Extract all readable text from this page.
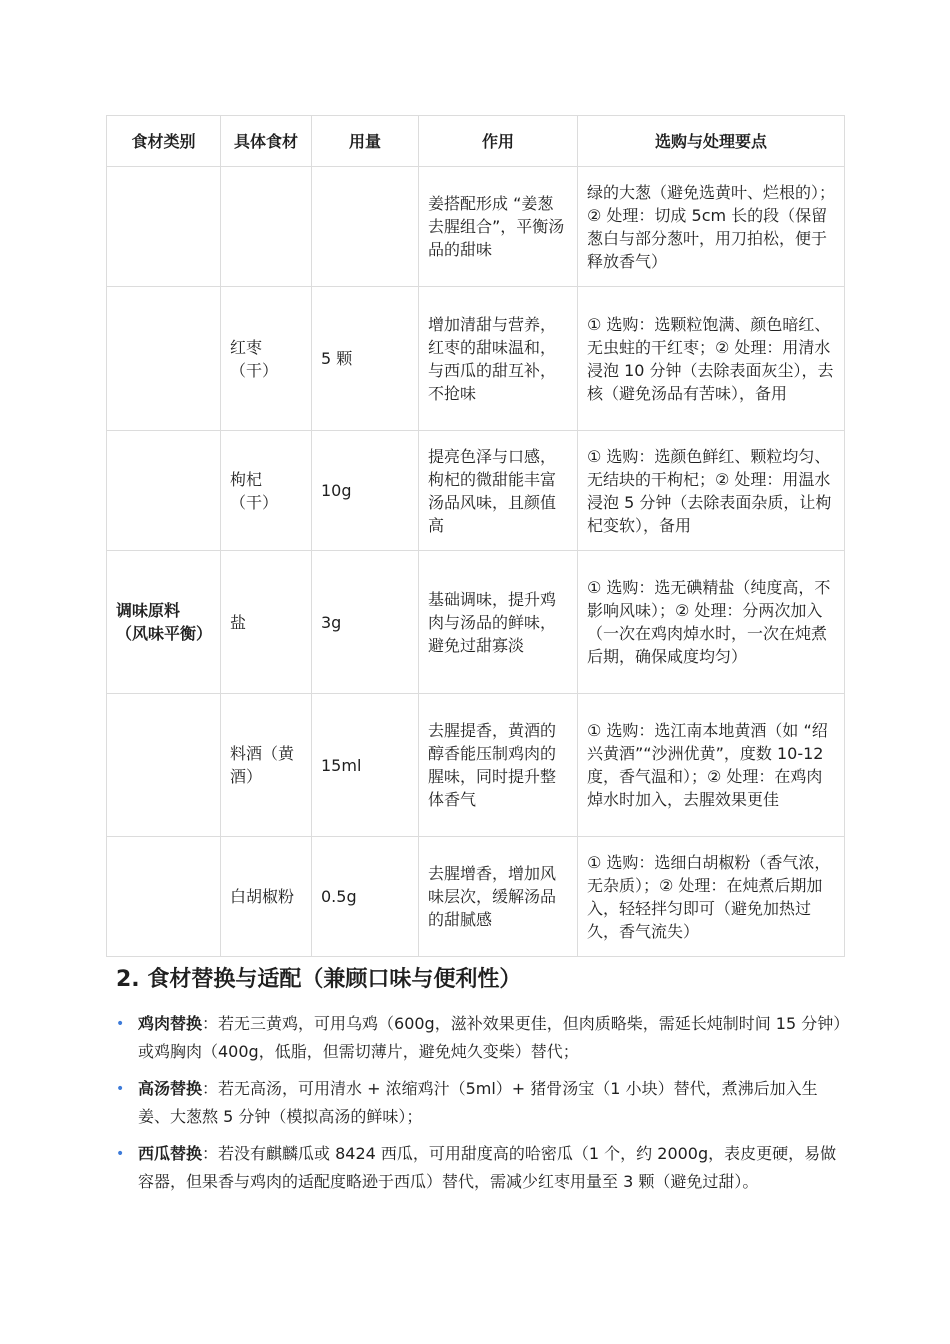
食材类别	具体食材	用量	作用	选购与处理要点
			姜搭配形成 “姜葱去腥组合”，平衡汤品的甜味	绿的大葱（避免选黄叶、烂根的）；② 处理：切成 5cm 长的段（保留葱白与部分葱叶，用刀拍松，便于释放香气）
	红枣（干）	5 颗	增加清甜与营养，红枣的甜味温和，与西瓜的甜互补，不抢味	① 选购：选颗粒饱满、颜色暗红、无虫蛀的干红枣；② 处理：用清水浸泡 10 分钟（去除表面灰尘），去核（避免汤品有苦味），备用
	枸杞（干）	10g	提亮色泽与口感，枸杞的微甜能丰富汤品风味，且颜值高	① 选购：选颜色鲜红、颗粒均匀、无结块的干枸杞；② 处理：用温水浸泡 5 分钟（去除表面杂质，让枸杞变软），备用
调味原料（风味平衡）	盐	3g	基础调味，提升鸡肉与汤品的鲜味，避免过甜寡淡	① 选购：选无碘精盐（纯度高，不影响风味）；② 处理：分两次加入（一次在鸡肉焯水时，一次在炖煮后期，确保咸度均匀）
	料酒（黄酒）	15ml	去腥提香，黄酒的醇香能压制鸡肉的腥味，同时提升整体香气	① 选购：选江南本地黄酒（如 “绍兴黄酒”“沙洲优黄”，度数 10-12 度，香气温和）；② 处理：在鸡肉焯水时加入，去腥效果更佳
	白胡椒粉	0.5g	去腥增香，增加风味层次，缓解汤品的甜腻感	① 选购：选细白胡椒粉（香气浓，无杂质）；② 处理：在炖煮后期加入，轻轻拌匀即可（避免加热过久，香气流失）
2. 食材替换与适配（兼顾口味与便利性）
• 鸡肉替换：若无三黄鸡，可用乌鸡（600g，滋补效果更佳，但肉质略柴，需延长炖制时间 15 分钟）或鸡胸肉（400g，低脂，但需切薄片，避免炖久变柴）替代；
• 高汤替换：若无高汤，可用清水 + 浓缩鸡汁（5ml）+ 猪骨汤宝（1 小块）替代，煮沸后加入生姜、大葱熬 5 分钟（模拟高汤的鲜味）；
• 西瓜替换：若没有麒麟瓜或 8424 西瓜，可用甜度高的哈密瓜（1 个，约 2000g，表皮更硬，易做容器，但果香与鸡肉的适配度略逊于西瓜）替代，需减少红枣用量至 3 颗（避免过甜）。
